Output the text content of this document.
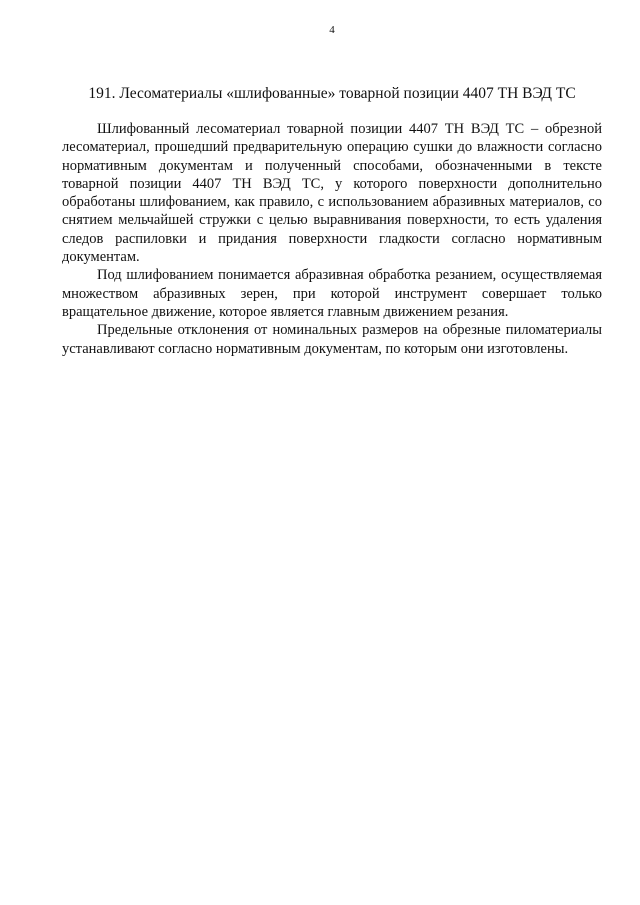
4
191. Лесоматериалы «шлифованные» товарной позиции 4407 ТН ВЭД ТС

Шлифованный лесоматериал товарной позиции 4407 ТН ВЭД ТС – обрезной лесоматериал, прошедший предварительную операцию сушки до влажности согласно нормативным документам и полученный способами, обозначенными в тексте товарной позиции 4407 ТН ВЭД ТС, у которого поверхности дополнительно обработаны шлифованием, как правило, с использованием абразивных материалов, со снятием мельчайшей стружки с целью выравнивания поверхности, то есть удаления следов распиловки и придания поверхности гладкости согласно нормативным документам.

Под шлифованием понимается абразивная обработка резанием, осуществляемая множеством абразивных зерен, при которой инструмент совершает только вращательное движение, которое является главным движением резания.

Предельные отклонения от номинальных размеров на обрезные пиломатериалы устанавливают согласно нормативным документам, по которым они изготовлены.
